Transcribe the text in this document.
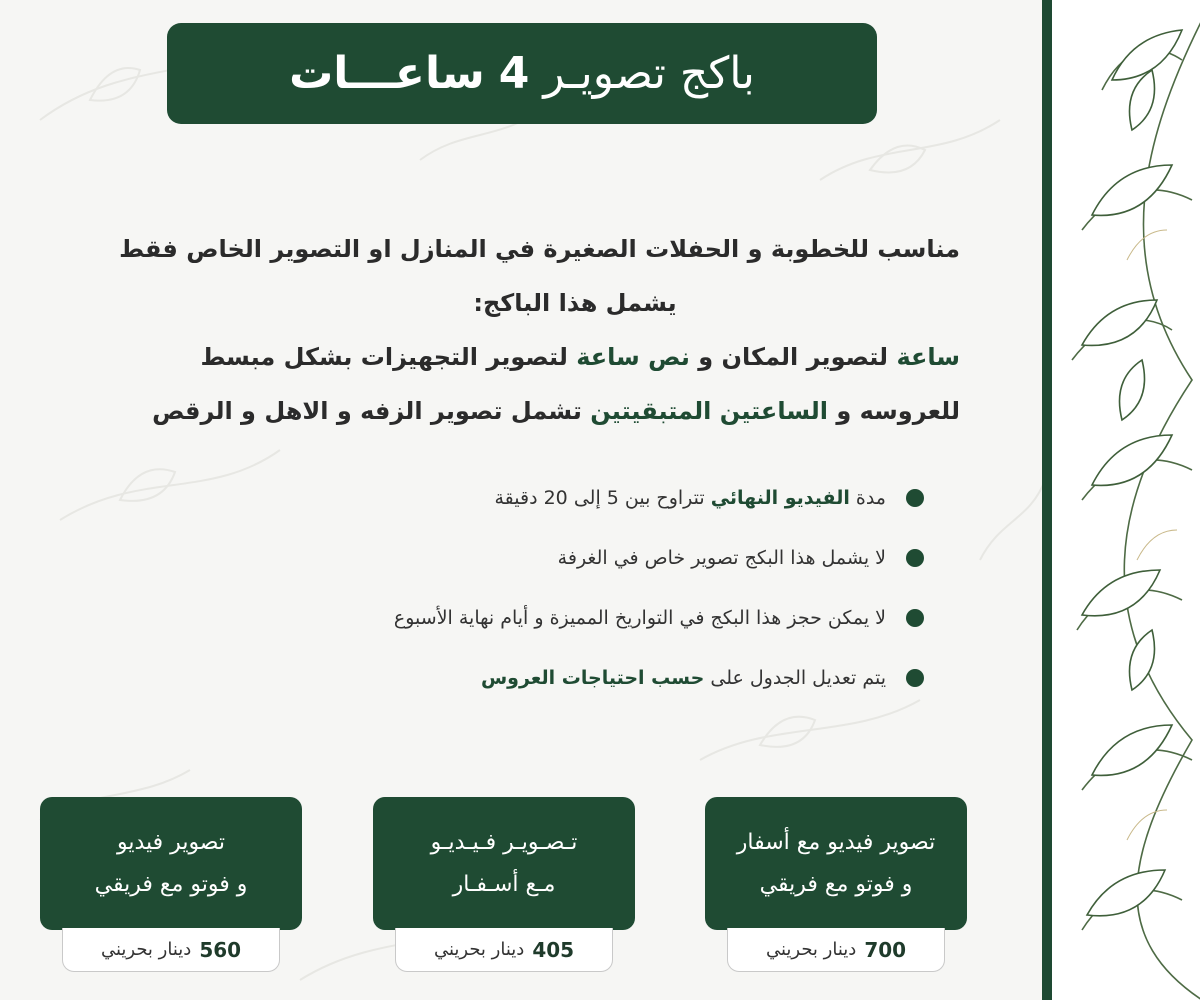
باكج تصويـر
4
ساعـــات

مناسب للخطوبة و الحفلات الصغيرة في المنازل او التصوير الخاص فقط

يشمل هذا الباكج:

ساعة لتصوير المكان و نص ساعة لتصوير التجهيزات بشكل مبسط

للعروسه و الساعتين المتبقيتين تشمل تصوير الزفه و الاهل و الرقص

مدة الفيديو النهائي تتراوح بين 5 إلى 20 دقيقة
لا يشمل هذا البكج تصوير خاص في الغرفة
لا يمكن حجز هذا البكج في التواريخ المميزة و أيام نهاية الأسبوع
يتم تعديل الجدول على حسب احتياجات العروس
تصوير فيديو مع أسفار
و فوتو مع فريقي
700
دينار بحريني
تـصـويـر فـيـديـو
مـع أسـفـار
405
دينار بحريني
تصوير فيديو
و فوتو مع فريقي
560
دينار بحريني
